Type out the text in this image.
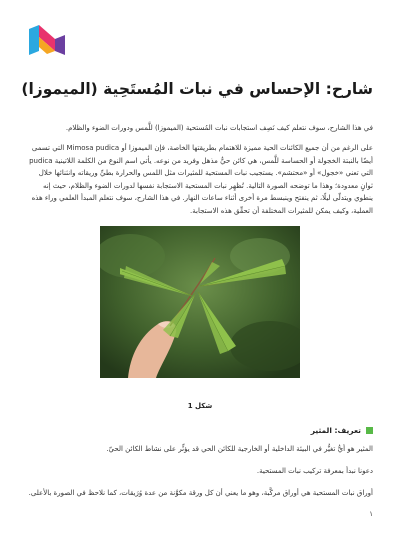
شارح: الإحساس في نبات المُستَحِية (الميموزا)

في هذا الشارح، سوف نتعلم كيف نَصِف استجابات نبات المُستحية (الميموزا) للَّمس ودورات الضوء والظلام.

على الرغم من أن جميع الكائنات الحية مميزة للاهتمام بطريقتها الخاصة، فإن الميموزا أو Mimosa pudica التي تسمى أيضًا بالنبتة الخجولة أو الحساسة للَّمس، هي كائن حيٌّ مذهل وفريد من نوعه. يأتي اسم النوع من الكلمة اللاتينية pudica التي تعني «خجول» أو «محتشم». يستجيب نبات المستحية للمثيرات مثل اللمس والحرارة بطيِّ وريقاته وانثنائها خلال ثوانٍ معدودة؛ وهذا ما توضحه الصورة التالية. تُظهِر نبات المستحية الاستجابة نفسها لدورات الضوء والظلام، حيث إنه ينطوي ويتدلّى ليلًا، ثم ينفتح وينبسط مرة أخرى أثناء ساعات النهار. في هذا الشارح، سوف نتعلم المبدأ العلمي وراء هذه العملية، وكيف يمكن للمثيرات المختلفة أن تحقِّق هذه الاستجابة.

شكل 1
تعريف: المثير

المثير هو أيُّ تغيُّر في البيئة الداخلية أو الخارجية للكائن الحي قد يؤثِّر على نشاط الكائن الحيّ.

دعونا نبدأ بمعرفة تركيب نبات المستحية.

أوراق نبات المستحية هي أوراق مركَّبة، وهو ما يعني أن كل ورقة مكوَّنة من عدة وُرَيقات، كما نلاحظ في الصورة بالأعلى.

١
